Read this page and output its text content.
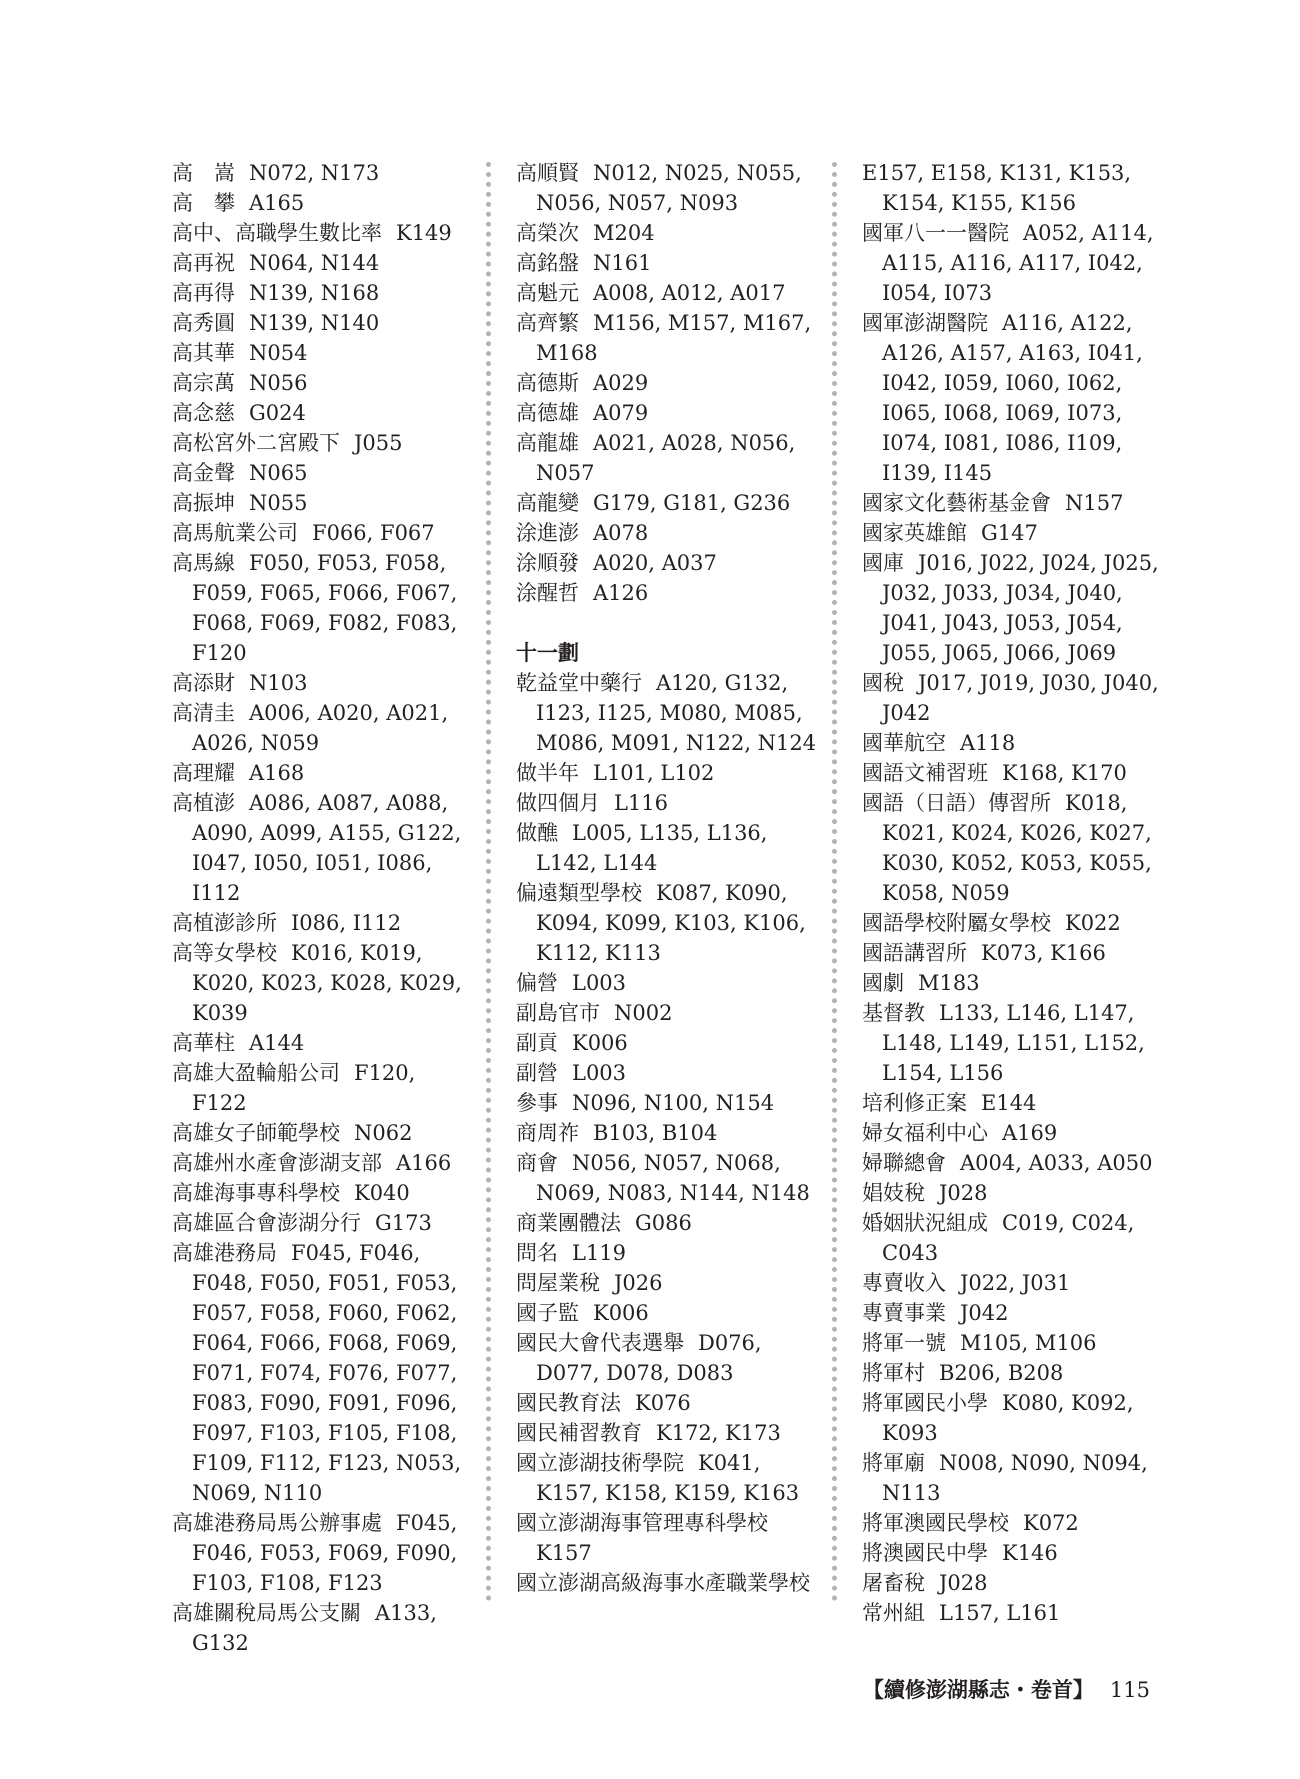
高　嵩 N072, N173
高　攀 A165
高中、高職學生數比率 K149
高再祝 N064, N144
高再得 N139, N168
高秀圓 N139, N140
高其華 N054
高宗萬 N056
高念慈 G024
高松宮外二宮殿下 J055
高金聲 N065
高振坤 N055
高馬航業公司 F066, F067
高馬線 F050, F053, F058, F059, F065, F066, F067, F068, F069, F082, F083, F120
高添財 N103
高清圭 A006, A020, A021, A026, N059
高理耀 A168
高植澎 A086, A087, A088, A090, A099, A155, G122, I047, I050, I051, I086, I112
高植澎診所 I086, I112
高等女學校 K016, K019, K020, K023, K028, K029, K039
高華柱 A144
高雄大盈輪船公司 F120, F122
高雄女子師範學校 N062
高雄州水產會澎湖支部 A166
高雄海事專科學校 K040
高雄區合會澎湖分行 G173
高雄港務局 F045, F046, F048, F050, F051, F053, F057, F058, F060, F062, F064, F066, F068, F069, F071, F074, F076, F077, F083, F090, F091, F096, F097, F103, F105, F108, F109, F112, F123, N053, N069, N110
高雄港務局馬公辦事處 F045, F046, F053, F069, F090, F103, F108, F123
高雄關稅局馬公支關 A133, G132
高順賢 N012, N025, N055, N056, N057, N093
高榮次 M204
高銘盤 N161
高魁元 A008, A012, A017
高齊繁 M156, M157, M167, M168
高德斯 A029
高德雄 A079
高龍雄 A021, A028, N056, N057
高龍變 G179, G181, G236
涂進澎 A078
涂順發 A020, A037
涂醒哲 A126
十一劃
乾益堂中藥行 A120, G132, I123, I125, M080, M085, M086, M091, N122, N124
做半年 L101, L102
做四個月 L116
做醮 L005, L135, L136, L142, L144
偏遠類型學校 K087, K090, K094, K099, K103, K106, K112, K113
偏營 L003
副島官市 N002
副貢 K006
副營 L003
參事 N096, N100, N154
商周祚 B103, B104
商會 N056, N057, N068, N069, N083, N144, N148
商業團體法 G086
問名 L119
問屋業稅 J026
國子監 K006
國民大會代表選舉 D076, D077, D078, D083
國民教育法 K076
國民補習教育 K172, K173
國立澎湖技術學院 K041, K157, K158, K159, K163
國立澎湖海事管理專科學校K157
國立澎湖高級海事水產職業學校
E157, E158, K131, K153, K154, K155, K156
國軍八一一醫院 A052, A114, A115, A116, A117, I042, I054, I073
國軍澎湖醫院 A116, A122, A126, A157, A163, I041, I042, I059, I060, I062, I065, I068, I069, I073, I074, I081, I086, I109, I139, I145
國家文化藝術基金會 N157
國家英雄館 G147
國庫 J016, J022, J024, J025, J032, J033, J034, J040, J041, J043, J053, J054, J055, J065, J066, J069
國稅 J017, J019, J030, J040, J042
國華航空 A118
國語文補習班 K168, K170
國語（日語）傳習所 K018, K021, K024, K026, K027, K030, K052, K053, K055, K058, N059
國語學校附屬女學校 K022
國語講習所 K073, K166
國劇 M183
基督教 L133, L146, L147, L148, L149, L151, L152, L154, L156
培利修正案 E144
婦女福利中心 A169
婦聯總會 A004, A033, A050
娼妓稅 J028
婚姻狀況組成 C019, C024, C043
專賣收入 J022, J031
專賣事業 J042
將軍一號 M105, M106
將軍村 B206, B208
將軍國民小學 K080, K092, K093
將軍廟 N008, N090, N094, N113
將軍澳國民學校 K072
將澳國民中學 K146
屠畜稅 J028
常州組 L157, L161
【續修澎湖縣志・卷首】 115
